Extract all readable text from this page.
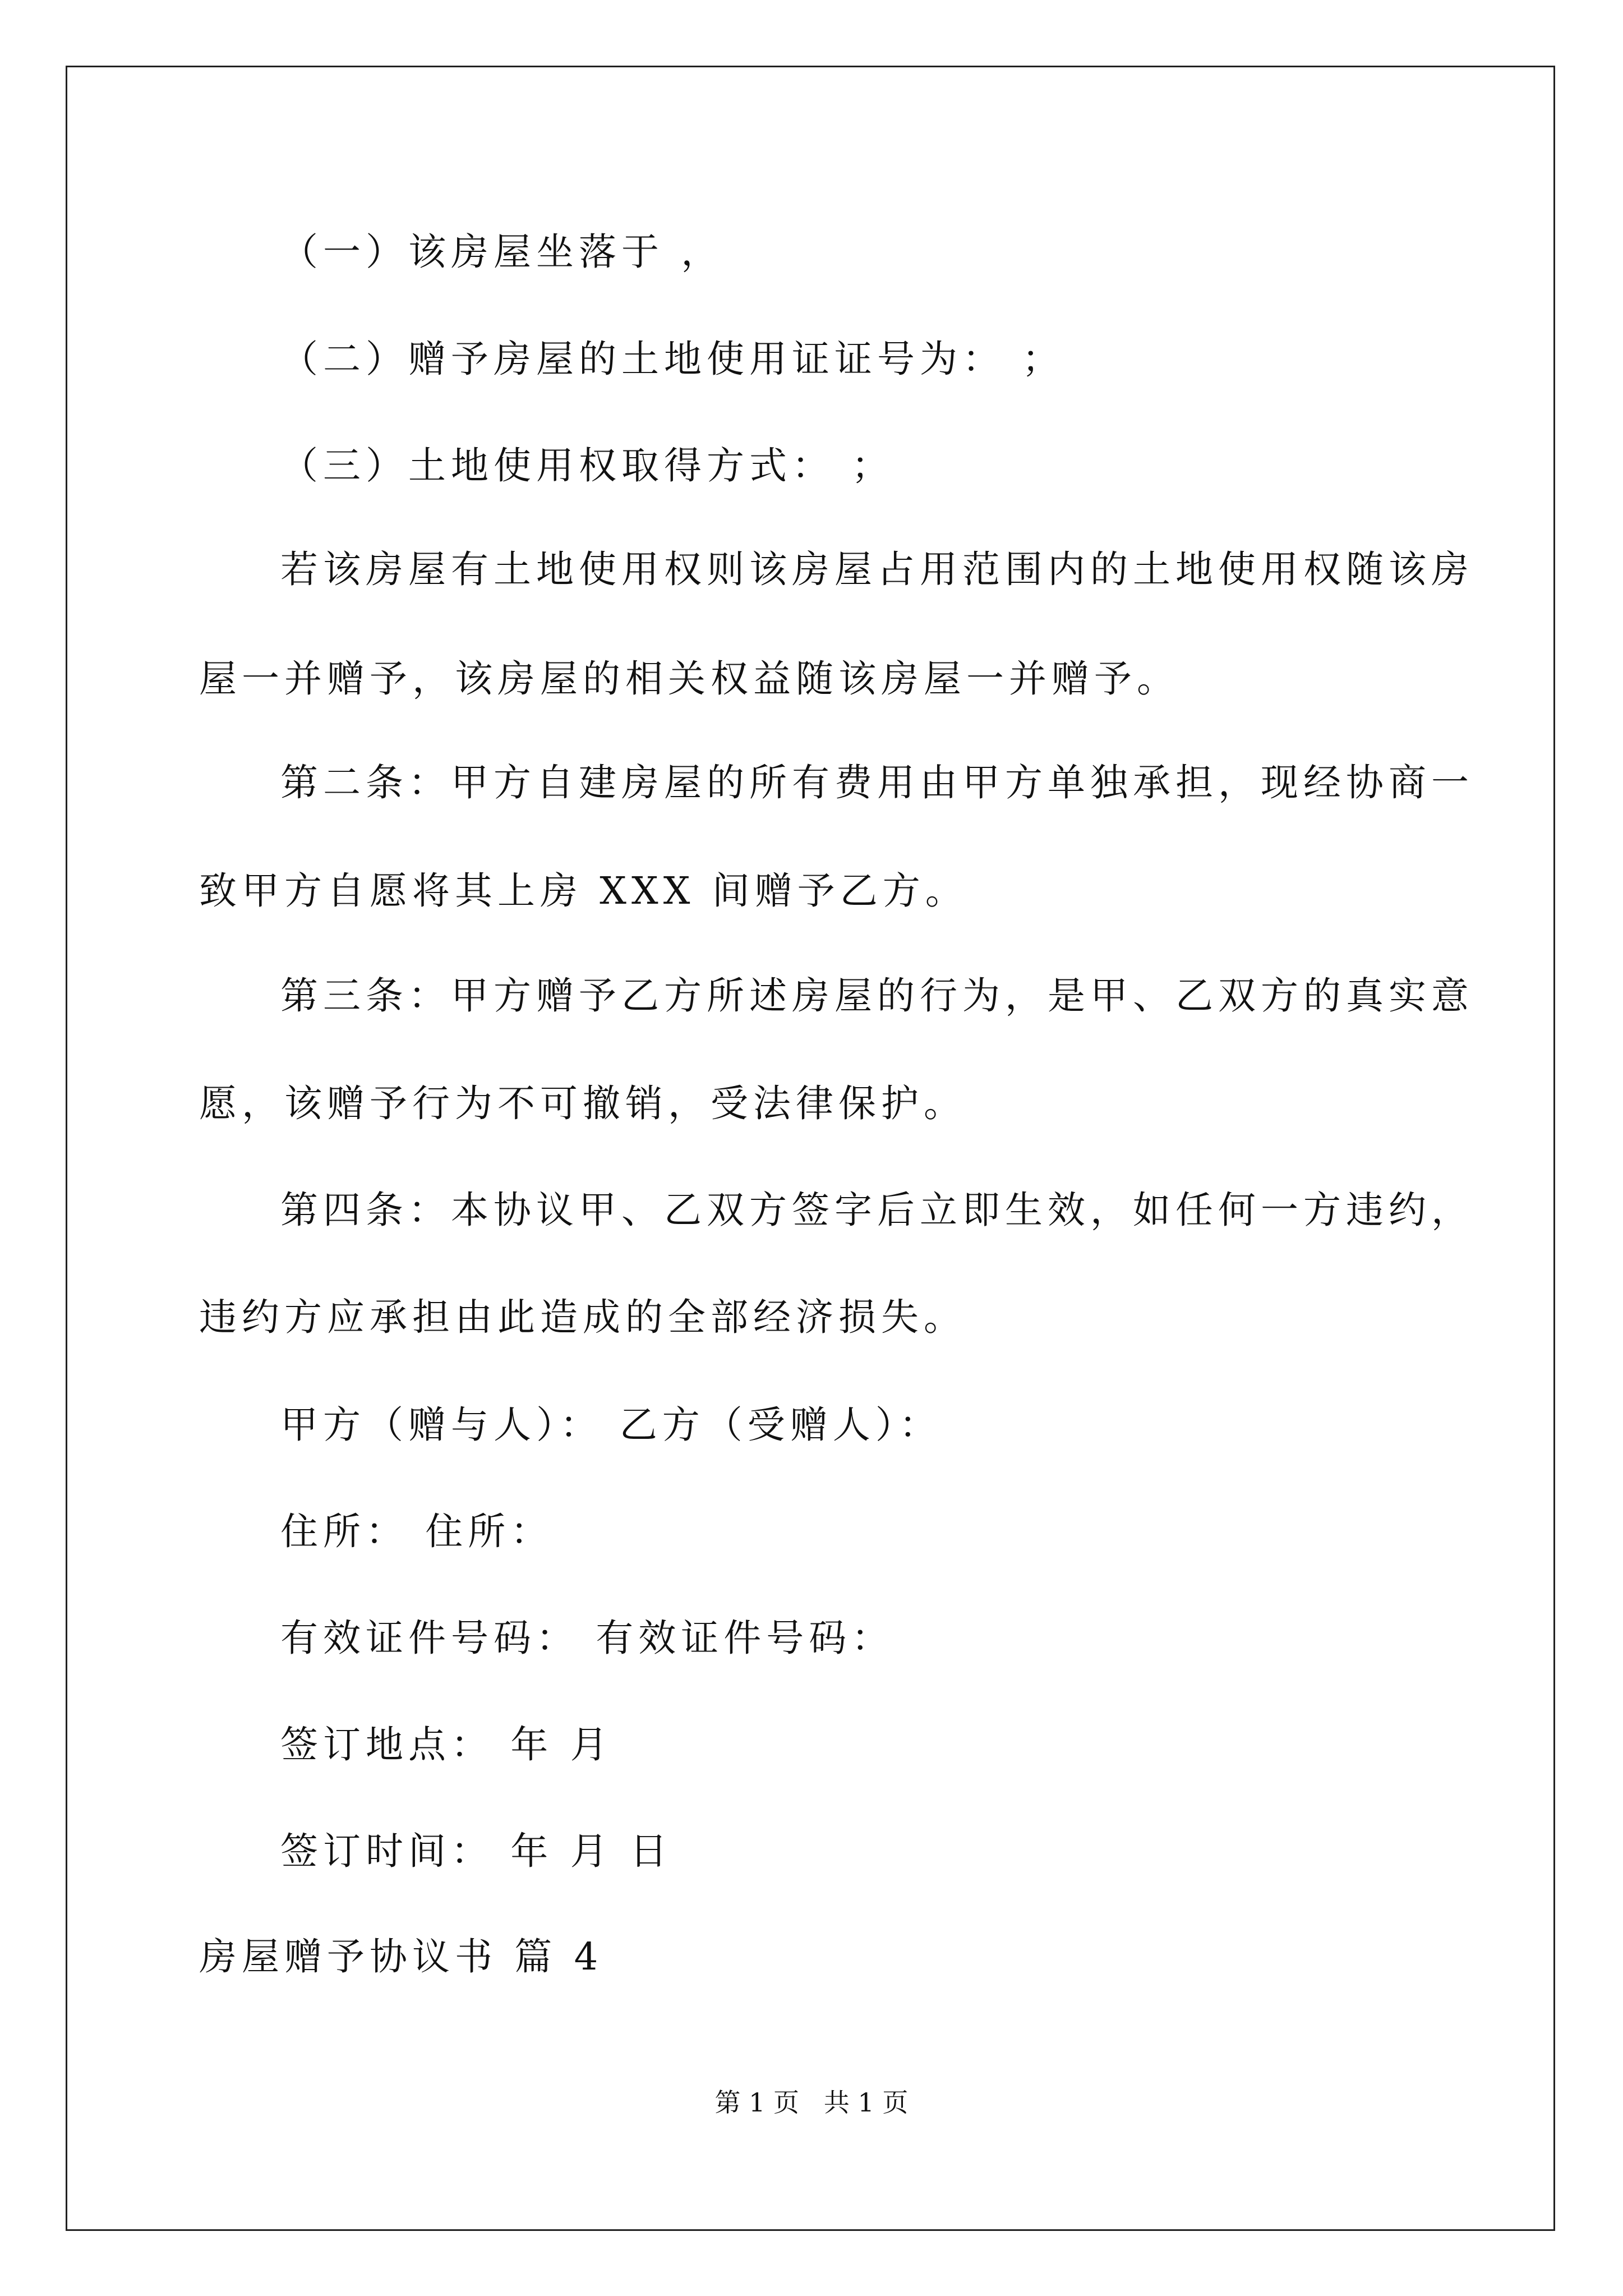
（一）该房屋坐落于 ，
（二）赠予房屋的土地使用证证号为： ；
（三）土地使用权取得方式： ；
若该房屋有土地使用权则该房屋占用范围内的土地使用权随该房
屋一并赠予，该房屋的相关权益随该房屋一并赠予。
第二条：甲方自建房屋的所有费用由甲方单独承担，现经协商一
致甲方自愿将其上房 XXX 间赠予乙方。
第三条：甲方赠予乙方所述房屋的行为，是甲、乙双方的真实意
愿，该赠予行为不可撤销，受法律保护。
第四条：本协议甲、乙双方签字后立即生效，如任何一方违约，
违约方应承担由此造成的全部经济损失。
甲方（赠与人）： 乙方（受赠人）：
住所： 住所：
有效证件号码： 有效证件号码：
签订地点： 年 月
签订时间： 年 月 日
房屋赠予协议书 篇 4
第 1 页   共 1 页
